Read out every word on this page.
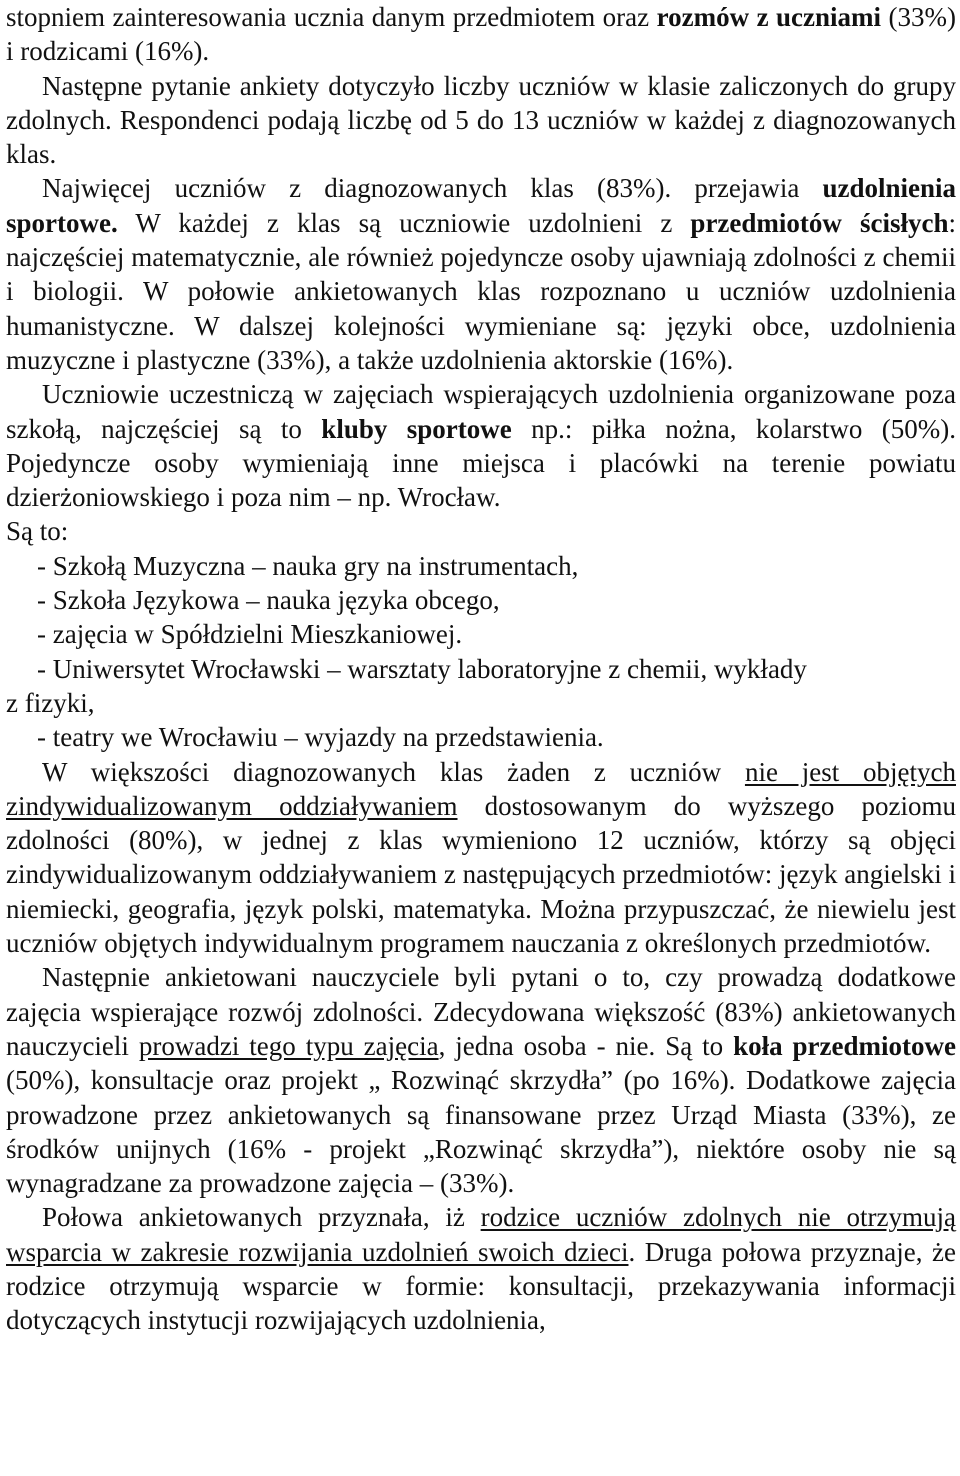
stopniem zainteresowania ucznia danym przedmiotem oraz rozmów z uczniami (33%) i rodzicami (16%).

Następne pytanie ankiety dotyczyło liczby uczniów w klasie zaliczonych do grupy zdolnych. Respondenci podają liczbę od 5 do 13 uczniów w każdej z diagnozowanych klas.

Najwięcej uczniów z diagnozowanych klas (83%). przejawia uzdolnienia sportowe. W każdej z klas są uczniowie uzdolnieni z przedmiotów ścisłych: najczęściej matematycznie, ale również pojedyncze osoby ujawniają zdolności z chemii i biologii. W połowie ankietowanych klas rozpoznano u uczniów uzdolnienia humanistyczne. W dalszej kolejności wymieniane są: języki obce, uzdolnienia muzyczne i plastyczne (33%), a także uzdolnienia aktorskie (16%).

Uczniowie uczestniczą w zajęciach wspierających uzdolnienia organizowane poza szkołą, najczęściej są to kluby sportowe np.: piłka nożna, kolarstwo (50%). Pojedyncze osoby wymieniają inne miejsca i placówki na terenie powiatu dzierżoniowskiego i poza nim – np. Wrocław.

Są to:

- Szkołą Muzyczna – nauka gry na instrumentach,

- Szkoła Językowa – nauka języka obcego,

- zajęcia w Spółdzielni Mieszkaniowej.

- Uniwersytet Wrocławski – warsztaty laboratoryjne z chemii, wykłady

z fizyki,

- teatry we Wrocławiu – wyjazdy na przedstawienia.

W większości diagnozowanych klas żaden z uczniów nie jest objętych zindywidualizowanym oddziaływaniem dostosowanym do wyższego poziomu zdolności (80%), w jednej z klas wymieniono 12 uczniów, którzy są objęci zindywidualizowanym oddziaływaniem z następujących przedmiotów: język angielski i niemiecki, geografia, język polski, matematyka. Można przypuszczać, że niewielu jest uczniów objętych indywidualnym programem nauczania z określonych przedmiotów.

Następnie ankietowani nauczyciele byli pytani o to, czy prowadzą dodatkowe zajęcia wspierające rozwój zdolności. Zdecydowana większość (83%) ankietowanych nauczycieli prowadzi tego typu zajęcia, jedna osoba - nie. Są to koła przedmiotowe (50%), konsultacje oraz projekt „ Rozwinąć skrzydła” (po 16%). Dodatkowe zajęcia prowadzone przez ankietowanych są finansowane przez Urząd Miasta (33%), ze środków unijnych (16% - projekt „Rozwinąć skrzydła”), niektóre osoby nie są wynagradzane za prowadzone zajęcia – (33%).

Połowa ankietowanych przyznała, iż rodzice uczniów zdolnych nie otrzymują wsparcia w zakresie rozwijania uzdolnień swoich dzieci. Druga połowa przyznaje, że rodzice otrzymują wsparcie w formie: konsultacji, przekazywania informacji dotyczących instytucji rozwijających uzdolnienia,
